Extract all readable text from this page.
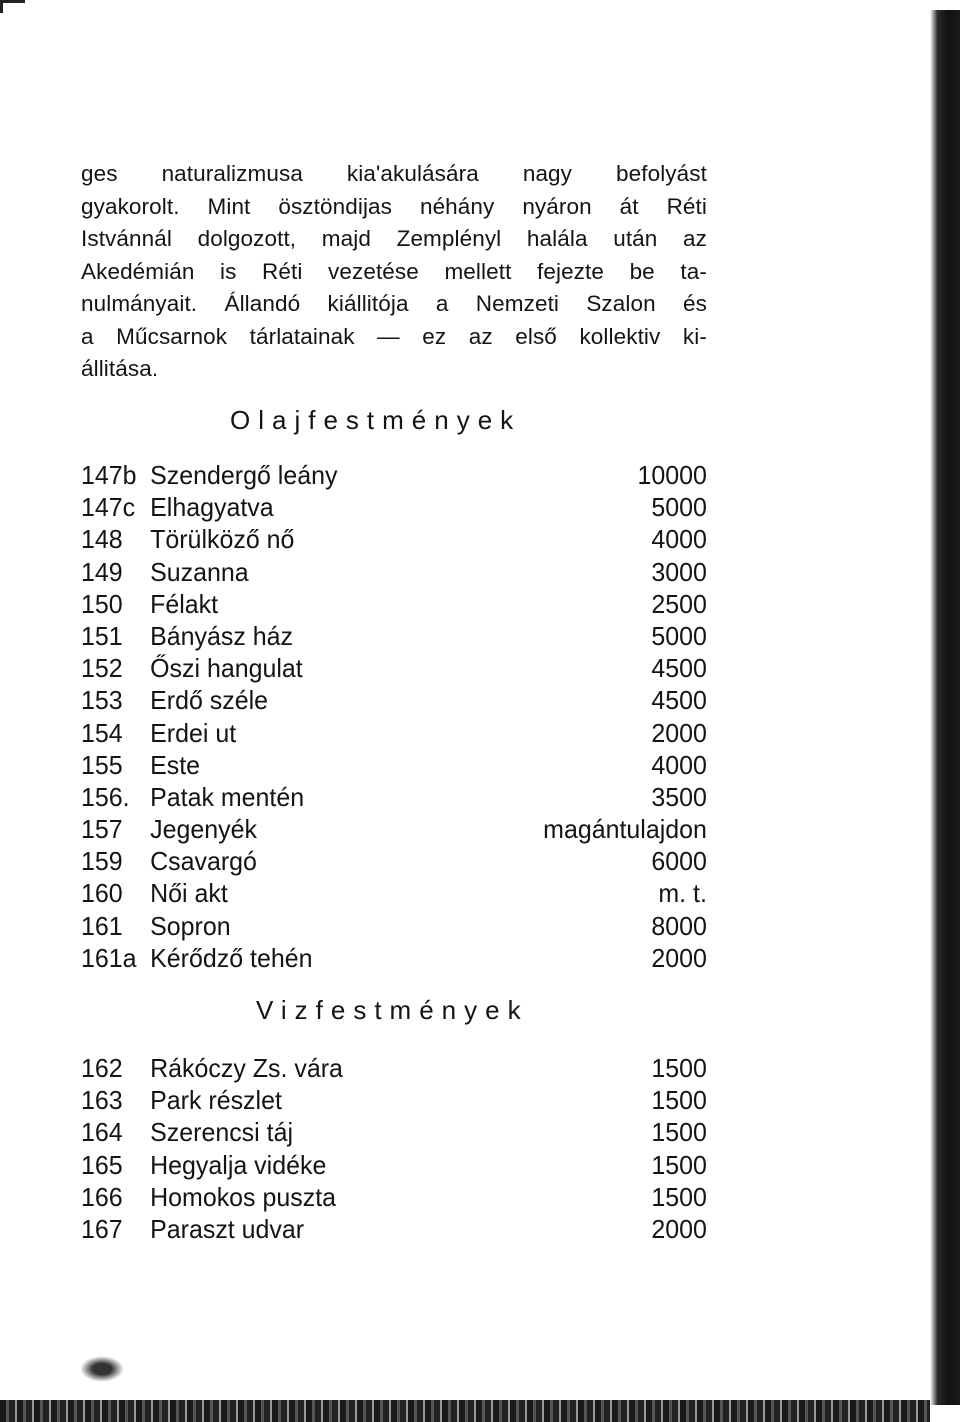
ges naturalizmusa kia'akulására nagy befolyást
gyakorolt. Mint ösztöndijas néhány nyáron át Réti
Istvánnál dolgozott, majd Zemplényl halála után az
Akedémián is Réti vezetése mellett fejezte be ta-
nulmányait. Állandó kiállitója a Nemzeti Szalon és
a Műcsarnok tárlatainak — ez az első kollektiv ki-
állitása.
Olajfestmények
147b Szendergő leány	10000
147c Elhagyatva	5000
148 Törülköző nő	4000
149 Suzanna	3000
150 Félakt	2500
151 Bányász ház	5000
152 Őszi hangulat	4500
153 Erdő széle	4500
154 Erdei ut	2000
155 Este	4000
156. Patak mentén	3500
157 Jegenyék	magántulajdon
159 Csavargó	6000
160 Női akt	m. t.
161 Sopron	8000
161a Kérődző tehén	2000
Vizfestmények
162 Rákóczy Zs. vára	1500
163 Park részlet	1500
164 Szerencsi táj	1500
165 Hegyalja vidéke	1500
166 Homokos puszta	1500
167 Paraszt udvar	2000
